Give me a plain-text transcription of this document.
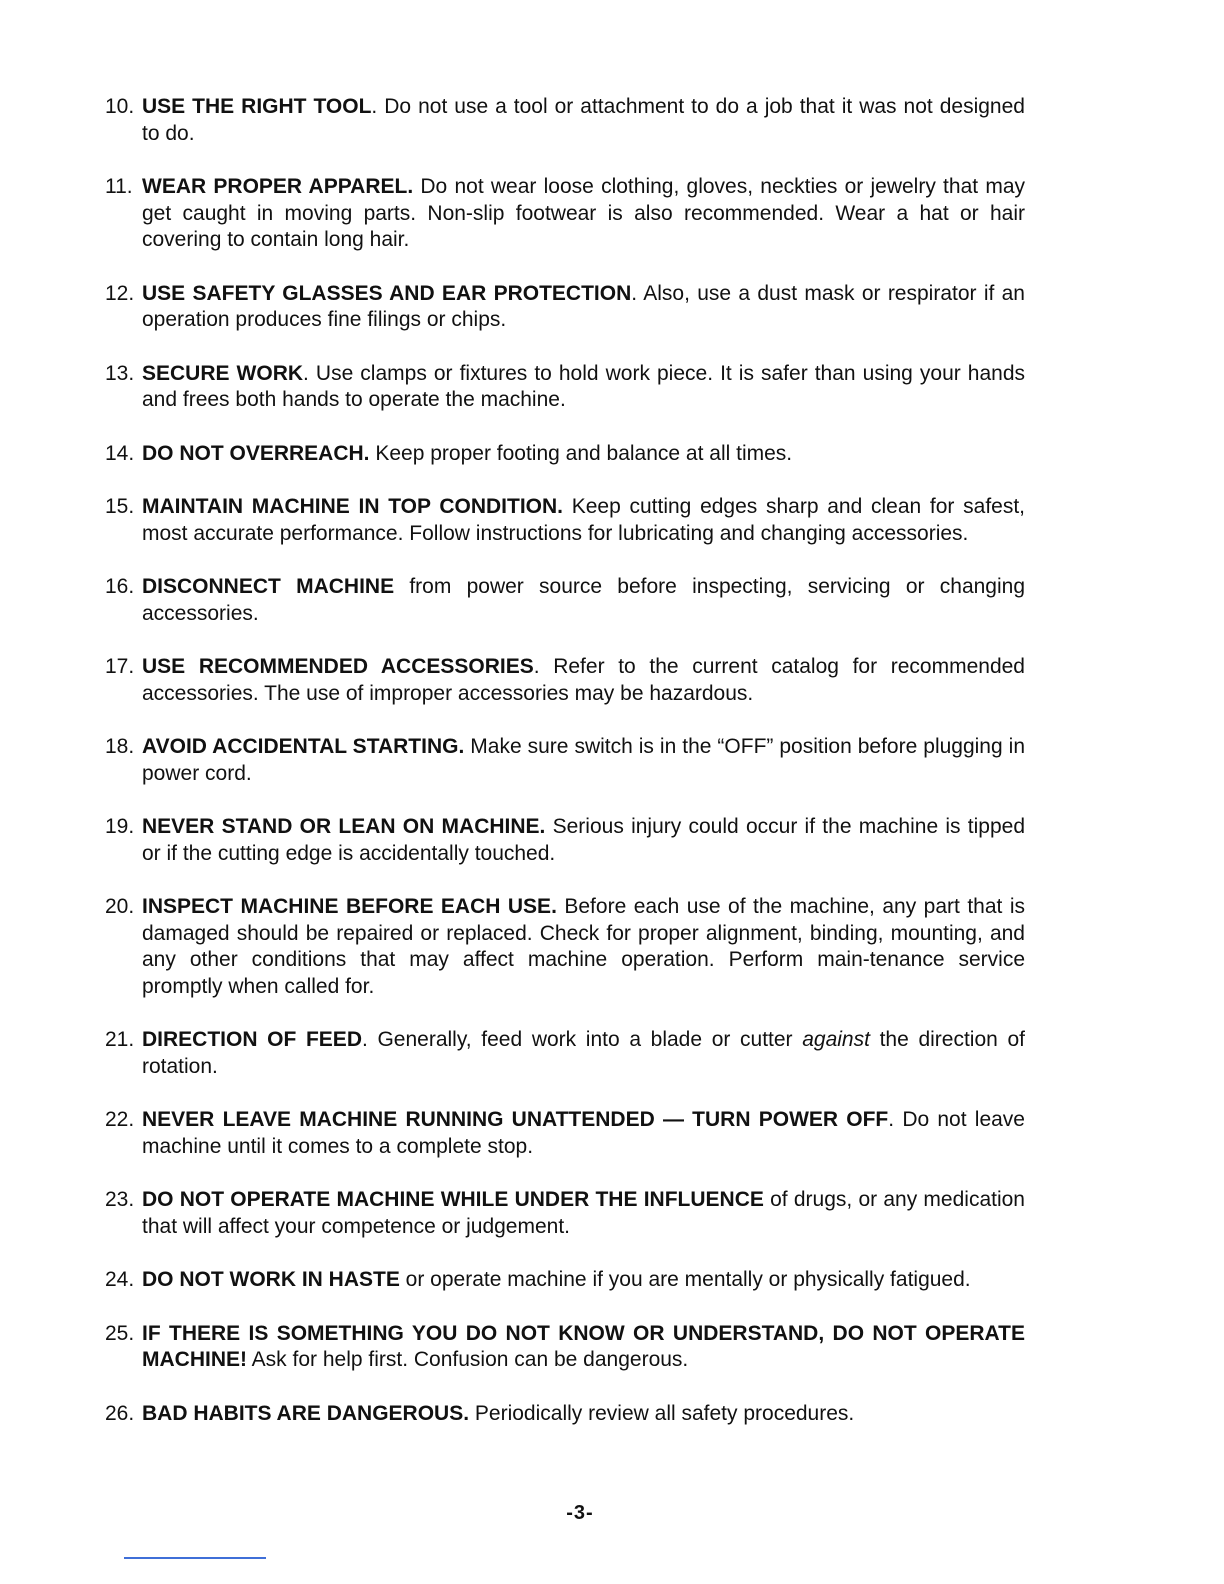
10. USE THE RIGHT TOOL. Do not use a tool or attachment to do a job that it was not designed to do.
11. WEAR PROPER APPAREL. Do not wear loose clothing, gloves, neckties or jewelry that may get caught in moving parts. Non-slip footwear is also recommended. Wear a hat or hair covering to contain long hair.
12. USE SAFETY GLASSES AND EAR PROTECTION. Also, use a dust mask or respirator if an operation produces fine filings or chips.
13. SECURE WORK. Use clamps or fixtures to hold work piece. It is safer than using your hands and frees both hands to operate the machine.
14. DO NOT OVERREACH. Keep proper footing and balance at all times.
15. MAINTAIN MACHINE IN TOP CONDITION. Keep cutting edges sharp and clean for safest, most accurate performance. Follow instructions for lubricating and changing accessories.
16. DISCONNECT MACHINE from power source before inspecting, servicing or changing accessories.
17. USE RECOMMENDED ACCESSORIES. Refer to the current catalog for recommended accessories. The use of improper accessories may be hazardous.
18. AVOID ACCIDENTAL STARTING. Make sure switch is in the “OFF” position before plugging in power cord.
19. NEVER STAND OR LEAN ON MACHINE. Serious injury could occur if the machine is tipped or if the cutting edge is accidentally touched.
20. INSPECT MACHINE BEFORE EACH USE. Before each use of the machine, any part that is damaged should be repaired or replaced. Check for proper alignment, binding, mounting, and any other conditions that may affect machine operation. Perform main-tenance service promptly when called for.
21. DIRECTION OF FEED. Generally, feed work into a blade or cutter against the direction of rotation.
22. NEVER LEAVE MACHINE RUNNING UNATTENDED — TURN POWER OFF. Do not leave machine until it comes to a complete stop.
23. DO NOT OPERATE MACHINE WHILE UNDER THE INFLUENCE of drugs, or any medication that will affect your competence or judgement.
24. DO NOT WORK IN HASTE or operate machine if you are mentally or physically fatigued.
25. IF THERE IS SOMETHING YOU DO NOT KNOW OR UNDERSTAND, DO NOT OPERATE MACHINE! Ask for help first. Confusion can be dangerous.
26. BAD HABITS ARE DANGEROUS. Periodically review all safety procedures.
-3-
